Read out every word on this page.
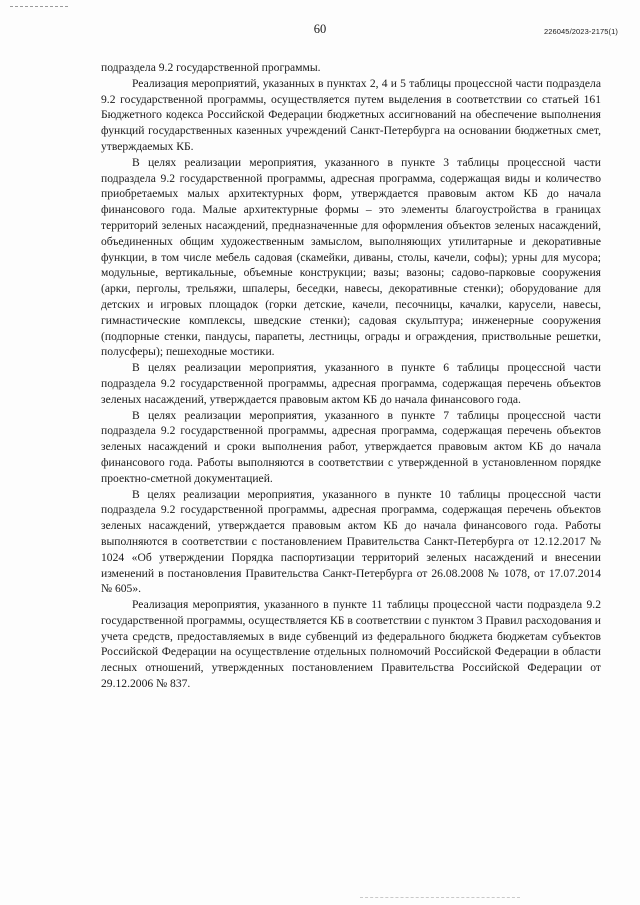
60	226045/2023-2175(1)

подраздела 9.2 государственной программы.

Реализация мероприятий, указанных в пунктах 2, 4 и 5 таблицы процессной части подраздела 9.2 государственной программы, осуществляется путем выделения в соответствии со статьей 161 Бюджетного кодекса Российской Федерации бюджетных ассигнований на обеспечение выполнения функций государственных казенных учреждений Санкт-Петербурга на основании бюджетных смет, утверждаемых КБ.

В целях реализации мероприятия, указанного в пункте 3 таблицы процессной части подраздела 9.2 государственной программы, адресная программа, содержащая виды и количество приобретаемых малых архитектурных форм, утверждается правовым актом КБ до начала финансового года. Малые архитектурные формы – это элементы благоустройства в границах территорий зеленых насаждений, предназначенные для оформления объектов зеленых насаждений, объединенных общим художественным замыслом, выполняющих утилитарные и декоративные функции, в том числе мебель садовая (скамейки, диваны, столы, качели, софы); урны для мусора; модульные, вертикальные, объемные конструкции; вазы; вазоны; садово-парковые сооружения (арки, перголы, трельяжи, шпалеры, беседки, навесы, декоративные стенки); оборудование для детских и игровых площадок (горки детские, качели, песочницы, качалки, карусели, навесы, гимнастические комплексы, шведские стенки); садовая скульптура; инженерные сооружения (подпорные стенки, пандусы, парапеты, лестницы, ограды и ограждения, приствольные решетки, полусферы); пешеходные мостики.

В целях реализации мероприятия, указанного в пункте 6 таблицы процессной части подраздела 9.2 государственной программы, адресная программа, содержащая перечень объектов зеленых насаждений, утверждается правовым актом КБ до начала финансового года.

В целях реализации мероприятия, указанного в пункте 7 таблицы процессной части подраздела 9.2 государственной программы, адресная программа, содержащая перечень объектов зеленых насаждений и сроки выполнения работ, утверждается правовым актом КБ до начала финансового года. Работы выполняются в соответствии с утвержденной в установленном порядке проектно-сметной документацией.

В целях реализации мероприятия, указанного в пункте 10 таблицы процессной части подраздела 9.2 государственной программы, адресная программа, содержащая перечень объектов зеленых насаждений, утверждается правовым актом КБ до начала финансового года. Работы выполняются в соответствии с постановлением Правительства Санкт-Петербурга от 12.12.2017 № 1024 «Об утверждении Порядка паспортизации территорий зеленых насаждений и внесении изменений в постановления Правительства Санкт-Петербурга от 26.08.2008 № 1078, от 17.07.2014 № 605».

Реализация мероприятия, указанного в пункте 11 таблицы процессной части подраздела 9.2 государственной программы, осуществляется КБ в соответствии с пунктом 3 Правил расходования и учета средств, предоставляемых в виде субвенций из федерального бюджета бюджетам субъектов Российской Федерации на осуществление отдельных полномочий Российской Федерации в области лесных отношений, утвержденных постановлением Правительства Российской Федерации от 29.12.2006 № 837.
